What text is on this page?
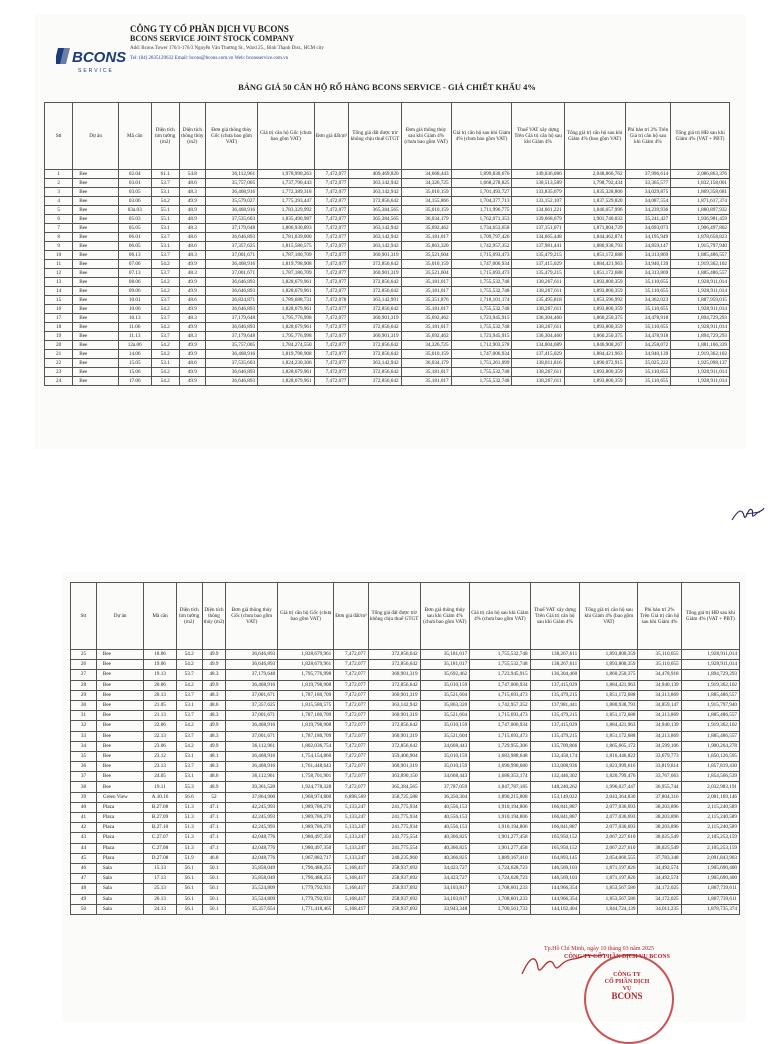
BCONS
SERVICE
CÔNG TY CỔ PHẦN DỊCH VỤ BCONS
BCONS SERVICE JOINT STOCK COMPANY
Add: Bcons Tower 176/1-176/3 Nguyễn Văn Thương St., Ward 25., Bình Thạnh Dist., HCM city
Tel: (84) 2835129632 Email: bcons@bcons.com.vn Web: bconsservice.com.vn
BẢNG GIÁ 50 CĂN HỘ RỔ HÀNG BCONS SERVICE - GIÁ CHIẾT KHẤU 4%
Stt	Dự án	Mã căn	Diện tích tim tường (m2)	Diện tích thông thủy (m2)	Đơn giá thông thủy Gốc (chưa bao gồm VAT)	Giá trị căn hộ Gốc (chưa bao gồm VAT)	Đơn giá đất/m²	Tổng giá đất được trừ không chịu thuế GTGT	Đơn giá thông thủy sau khi Giảm 4% (chưa bao gồm VAT)	Giá trị căn hộ sau khi Giảm 4% (chưa bao gồm VAT)	Thuế VAT xây dựng Trên Giá trị căn hộ sau khi Giảm 4%	Tổng giá trị căn hộ sau khi Giảm 4% (bao gồm VAT)	Phí bảo trì 2% Trên Giá trị căn hộ sau khi Giảm 4%	Tổng giá trị HĐ sau khi Giảm 4% (VAT + PBT)
1	Bee	02.04	61.1	54.8	36,112,961	1,978,990,263	7,472,077	409,469,820	34,668,443	1,899,830,676	149,036,086	2,048,866,762	37,996,614	2,086,863,376
2	Bee	03.01	53.7	48.6	35,757,005	1,737,790,443	7,472,077	363,142,942	34,326,725	1,668,278,825	130,513,589	1,798,792,434	33,365,577	1,832,158,001
3	Bee	03.05	53.1	48.3	36,468,916	1,772,389,318	7,472,077	363,142,942	35,010,159	1,701,493,727	133,835,079	1,835,328,806	34,029,875	1,869,358,681
4	Bee	03.06	54.2	49.9	35,579,027	1,775,393,447	7,472,077	372,856,642	34,155,866	1,704,377,713	133,152,107	1,837,529,820	34,087,554	1,871,617,374
5	Bee	03a.03	55.1	48.9	36,468,916	1,783,329,992	7,472,077	365,384,565	35,010,159	1,711,996,775	134,661,221	1,846,657,996	34,239,936	1,880,897,932
6	Bee	05.03	55.1	48.9	37,535,603	1,835,490,987	7,472,077	365,384,565	36,034,179	1,762,071,353	139,668,679	1,901,740,032	35,241,427	1,936,981,459
7	Bee	05.05	53.1	48.3	37,179,648	1,806,930,893	7,472,077	363,142,942	35,692,462	1,734,653,658	137,151,071	1,871,804,729	34,693,073	1,906,497,802
8	Bee	06.01	53.7	48.6	36,646,893	1,781,039,000	7,472,077	363,142,942	35,181,017	1,709,797,426	134,665,448	1,844,462,874	34,195,949	1,878,658,823
9	Bee	06.05	53.1	48.6	37,357,625	1,815,580,575	7,472,077	363,142,942	35,863,320	1,742,957,352	137,981,441	1,880,938,793	34,859,147	1,915,797,940
10	Bee	06.13	53.7	48.3	37,001,671	1,787,180,709	7,472,077	360,901,319	35,521,604	1,715,693,473	135,479,215	1,851,172,688	34,313,869	1,885,486,557
11	Bee	07.06	54.2	49.9	36,468,916	1,819,798,908	7,472,077	372,856,642	35,010,159	1,747,006,934	137,415,029	1,884,421,963	34,940,139	1,919,362,102
12	Bee	07.13	53.7	48.3	37,001,671	1,787,180,709	7,472,077	360,901,319	35,521,604	1,715,693,473	135,479,215	1,851,172,688	34,313,869	1,885,486,557
13	Bee	08.06	54.2	49.9	36,646,893	1,828,679,961	7,472,077	372,856,642	35,181,017	1,755,532,748	138,267,611	1,893,800,359	35,110,655	1,928,911,014
14	Bee	09.06	54.2	49.9	36,646,893	1,828,679,961	7,472,077	372,856,642	35,181,017	1,755,532,748	138,267,611	1,893,800,359	35,110,655	1,928,911,014
15	Bee	10.01	53.7	48.6	36,824,871	1,789,688,731	7,472,078	363,142,991	35,351,876	1,718,101,174	135,495,818	1,853,596,992	34,362,023	1,887,959,015
16	Bee	10.06	54.2	49.9	36,646,893	1,828,679,961	7,472,077	372,856,642	35,181,017	1,755,532,748	138,267,611	1,893,800,359	35,110,655	1,928,911,014
17	Bee	10.13	53.7	48.3	37,179,648	1,795,776,998	7,472,077	360,901,319	35,692,462	1,723,945,915	136,304,460	1,860,250,375	34,478,918	1,894,729,293
18	Bee	11.06	54.2	49.9	36,646,893	1,828,679,961	7,472,077	372,856,642	35,181,017	1,755,532,748	138,267,611	1,893,800,359	35,110,655	1,928,911,014
19	Bee	11.13	53.7	48.3	37,179,648	1,795,776,998	7,472,077	360,901,319	35,692,462	1,723,945,915	136,304,460	1,860,250,375	34,478,918	1,894,729,293
20	Bee	12a.06	54.2	49.9	35,757,005	1,784,274,550	7,472,077	372,856,642	34,326,725	1,712,903,578	134,004,689	1,846,908,267	34,258,072	1,881,166,339
21	Bee	14.06	54.2	49.9	36,468,916	1,819,798,908	7,472,077	372,856,642	35,010,159	1,747,006,934	137,415,029	1,884,421,963	34,940,139	1,919,362,102
22	Bee	15.05	53.1	48.6	37,535,603	1,824,230,306	7,472,077	363,142,942	36,034,179	1,751,261,099	138,811,816	1,890,072,915	35,025,222	1,925,098,137
23	Bee	15.06	54.2	49.9	36,646,893	1,828,679,961	7,472,077	372,856,642	35,181,017	1,755,532,748	138,267,611	1,893,800,359	35,110,655	1,928,911,014
24	Bee	17.06	54.2	49.9	36,646,893	1,828,679,961	7,472,077	372,856,642	35,181,017	1,755,532,748	138,267,611	1,893,800,359	35,110,655	1,928,911,014
Stt	Dự án	Mã căn	Diện tích tim tường (m2)	Diện tích thông thủy (m2)	Đơn giá thông thủy Gốc (chưa bao gồm VAT)	Giá trị căn hộ Gốc (chưa bao gồm VAT)	Đơn giá đất/m²	Tổng giá đất được trừ không chịu thuế GTGT	Đơn giá thông thủy sau khi Giảm 4% (chưa bao gồm VAT)	Giá trị căn hộ sau khi Giảm 4% (chưa bao gồm VAT)	Thuế VAT xây dựng Trên Giá trị căn hộ sau khi Giảm 4%	Tổng giá trị căn hộ sau khi Giảm 4% (bao gồm VAT)	Phí bảo trì 2% Trên Giá trị căn hộ sau khi Giảm 4%	Tổng giá trị HĐ sau khi Giảm 4% (VAT + PBT)
25	Bee	18.06	54.2	49.9	36,646,893	1,828,679,961	7,472,077	372,856,642	35,181,017	1,755,532,748	138,267,611	1,893,800,359	35,110,655	1,928,911,014
26	Bee	19.06	54.2	49.9	36,646,893	1,828,679,961	7,472,077	372,856,642	35,181,017	1,755,532,748	138,267,611	1,893,800,359	35,110,655	1,928,911,014
27	Bee	19.13	53.7	48.3	37,179,648	1,795,776,998	7,472,077	360,901,319	35,692,462	1,723,945,915	136,304,460	1,860,250,375	34,478,918	1,894,729,293
28	Bee	20.06	54.2	49.9	36,468,916	1,819,798,908	7,472,077	372,856,642	35,010,159	1,747,006,934	137,415,029	1,884,421,963	34,940,139	1,919,362,102
29	Bee	20.13	53.7	48.3	37,001,671	1,787,180,709	7,472,077	360,901,319	35,521,604	1,715,693,473	135,479,215	1,851,172,688	34,313,869	1,885,486,557
30	Bee	21.05	53.1	48.6	37,357,625	1,815,580,575	7,472,077	363,142,942	35,863,320	1,742,957,352	137,981,441	1,880,938,793	34,859,147	1,915,797,940
31	Bee	21.13	53.7	48.3	37,001,671	1,787,180,709	7,472,077	360,901,319	35,521,604	1,715,693,473	135,479,215	1,851,172,688	34,313,869	1,885,486,557
32	Bee	22.06	54.2	49.9	36,468,916	1,819,798,908	7,472,077	372,856,642	35,010,159	1,747,006,934	137,415,029	1,884,421,963	34,940,139	1,919,362,102
33	Bee	22.13	53.7	48.3	37,001,671	1,787,180,709	7,472,077	360,901,319	35,521,604	1,715,693,473	135,479,215	1,851,172,688	34,313,869	1,885,486,557
34	Bee	23.06	54.2	49.9	36,112,961	1,802,036,754	7,472,077	372,856,642	34,668,443	1,729,955,306	135,709,866	1,865,665,172	34,599,106	1,900,264,278
35	Bee	23.12	53.1	48.1	36,468,916	1,754,154,860	7,472,077	359,406,904	35,010,159	1,683,988,648	132,458,174	1,816,446,822	33,679,773	1,850,126,595
36	Bee	23.13	53.7	48.3	36,468,916	1,761,448,643	7,472,077	360,901,319	35,010,159	1,690,990,680	133,008,936	1,823,999,616	33,819,814	1,857,819,430
37	Bee	24.05	53.1	48.6	36,112,961	1,758,701,901	7,472,077	363,890,150	34,668,443	1,688,353,174	132,446,302	1,820,799,476	33,767,063	1,854,566,539
38	Bee	19.11	55.3	48.9	39,361,520	1,924,778,328	7,472,077	365,384,565	37,787,059	1,847,787,185	148,240,262	1,996,027,447	36,955,744	2,032,983,191
39	Green View	A.10.16	56.6	52	37,864,900	1,968,974,800	6,898,569	358,725,588	36,350,304	1,890,215,808	153,149,022	2,043,364,830	37,804,316	2,081,169,146
40	Plaza	B.27.08	51.3	47.1	42,245,993	1,989,786,270	5,133,247	241,775,934	40,556,153	1,910,194,806	166,841,887	2,077,036,693	38,203,896	2,115,240,589
41	Plaza	B.27.09	51.3	47.1	42,245,993	1,989,786,270	5,133,247	241,775,934	40,556,153	1,910,194,806	166,841,887	2,077,036,693	38,203,896	2,115,240,589
42	Plaza	B.27.10	51.3	47.1	42,245,993	1,989,786,270	5,133,247	241,775,934	40,556,153	1,910,194,806	166,841,887	2,077,036,693	38,203,896	2,115,240,589
43	Plaza	C.27.07	51.3	47.1	42,048,776	1,980,497,350	5,133,247	241,775,554	40,366,825	1,901,277,458	165,950,152	2,067,227,610	38,025,549	2,105,253,159
44	Plaza	C.27.08	51.3	47.1	42,048,776	1,980,497,350	5,133,247	241,775,554	40,366,825	1,901,277,458	165,950,152	2,067,227,610	38,025,549	2,105,253,159
45	Plaza	D.27.08	51.9	46.8	42,048,776	1,967,882,717	5,133,247	240,235,960	40,366,825	1,889,167,410	164,893,145	2,054,060,555	37,783,348	2,091,843,903
46	Sala	15.13	56.1	50.1	35,858,049	1,796,488,255	5,168,417	258,937,692	34,423,727	1,724,628,723	146,569,103	1,871,197,826	34,492,574	1,905,690,400
47	Sala	17.13	56.1	50.1	35,858,049	1,796,488,255	5,168,417	258,937,692	34,423,727	1,724,628,723	146,569,103	1,871,197,826	34,492,574	1,905,690,400
48	Sala	25.13	56.1	50.1	35,524,809	1,779,792,931	5,168,417	258,937,692	34,103,817	1,708,601,233	144,966,354	1,853,567,586	34,172,025	1,887,739,611
49	Sala	26.13	56.1	50.1	35,524,809	1,779,792,931	5,168,417	258,937,692	34,103,817	1,708,601,233	144,966,354	1,853,567,586	34,172,025	1,887,739,611
50	Sala	24.13	56.1	50.1	35,357,654	1,771,418,465	5,168,417	258,937,692	33,943,348	1,700,561,733	144,162,404	1,844,724,139	34,011,235	1,878,735,374
Tp.Hồ Chí Minh, ngày 10 tháng 03 năm 2025
CÔNG TY CỔ PHẦN DỊCH VỤ BCONS
CÔNG TY
CỔ PHẦN DỊCH VỤ
BCONS
